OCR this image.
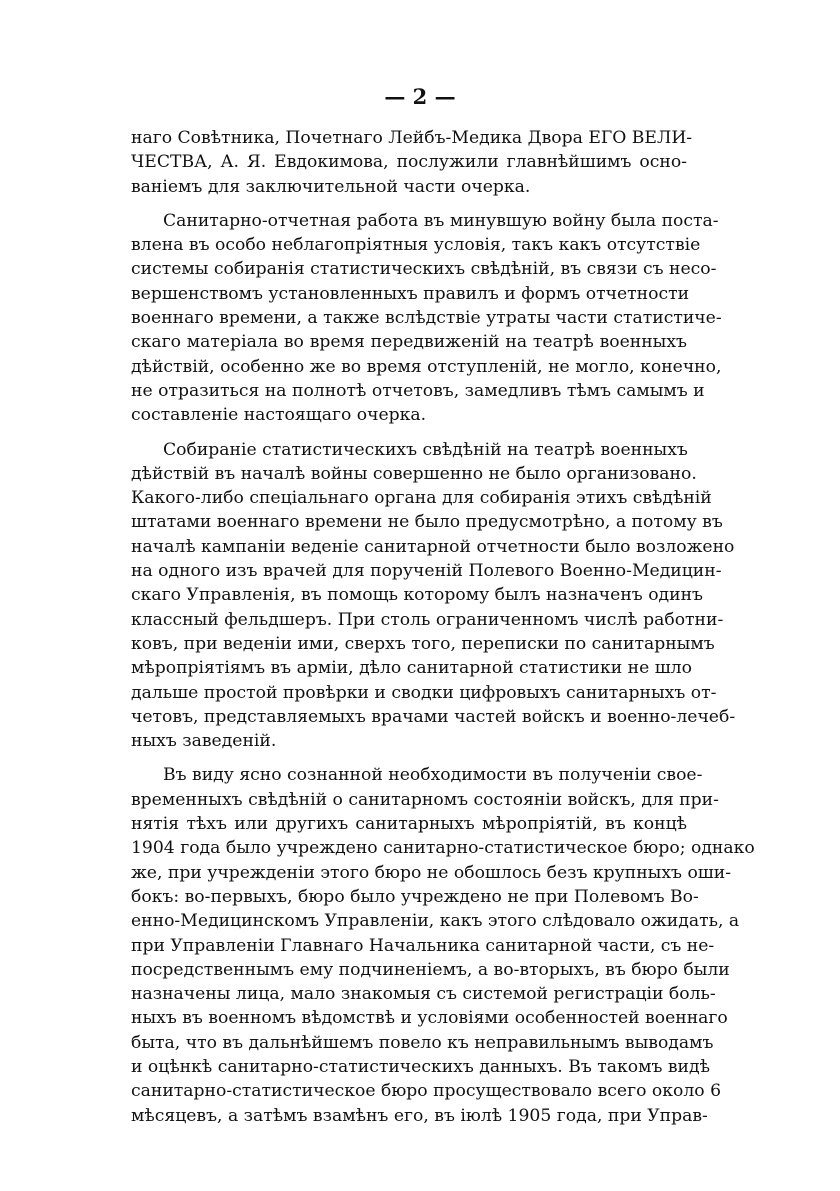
— 2 —

наго Совѣтника, Почетнаго Лейбъ-Медика Двора ЕГО ВЕЛИ-
ЧЕСТВА, А. Я. Евдокимова, послужили главнѣйшимъ осно-
ванiемъ для заключительной части очерка.

Санитарно-отчетная работа въ минувшую войну была поста-
влена въ особо неблагопрiятныя условiя, такъ какъ отсутствiе
системы собиранiя статистическихъ свѣдѣнiй, въ связи съ несо-
вершенствомъ установленныхъ правилъ и формъ отчетности
военнаго времени, а также вслѣдствiе утраты части статистиче-
скаго матерiала во время передвиженiй на театрѣ военныхъ
дѣйствiй, особенно же во время отступленiй, не могло, конечно,
не отразиться на полнотѣ отчетовъ, замедливъ тѣмъ самымъ и
составленiе настоящаго очерка.

Собиранiе статистическихъ свѣдѣнiй на театрѣ военныхъ
дѣйствiй въ началѣ войны совершенно не было организовано.
Какого-либо спецiальнаго органа для собиранiя этихъ свѣдѣнiй
штатами военнаго времени не было предусмотрѣно, а потому въ
началѣ кампанiи веденiе санитарной отчетности было возложено
на одного изъ врачей для порученiй Полевого Военно-Медицин-
скаго Управленiя, въ помощь которому былъ назначенъ одинъ
классный фельдшеръ. При столь ограниченномъ числѣ работни-
ковъ, при веденiи ими, сверхъ того, переписки по санитарнымъ
мѣропрiятiямъ въ армiи, дѣло санитарной статистики не шло
дальше простой провѣрки и сводки цифровыхъ санитарныхъ от-
четовъ, представляемыхъ врачами частей войскъ и военно-лечеб-
ныхъ заведенiй.

Въ виду ясно сознанной необходимости въ полученiи свое-
временныхъ свѣдѣнiй о санитарномъ состоянiи войскъ, для при-
нятiя тѣхъ или другихъ санитарныхъ мѣропрiятiй, въ концѣ
1904 года было учреждено санитарно-статистическое бюро; однако
же, при учрежденiи этого бюро не обошлось безъ крупныхъ оши-
бокъ: во-первыхъ, бюро было учреждено не при Полевомъ Во-
енно-Медицинскомъ Управленiи, какъ этого слѣдовало ожидать, а
при Управленiи Главнаго Начальника санитарной части, съ не-
посредственнымъ ему подчиненiемъ, а во-вторыхъ, въ бюро были
назначены лица, мало знакомыя съ системой регистрацiи боль-
ныхъ въ военномъ вѣдомствѣ и условiями особенностей военнаго
быта, что въ дальнѣйшемъ повело къ неправильнымъ выводамъ
и оцѣнкѣ санитарно-статистическихъ данныхъ. Въ такомъ видѣ
санитарно-статистическое бюро просуществовало всего около 6
мѣсяцевъ, а затѣмъ взамѣнъ его, въ iюлѣ 1905 года, при Управ-
